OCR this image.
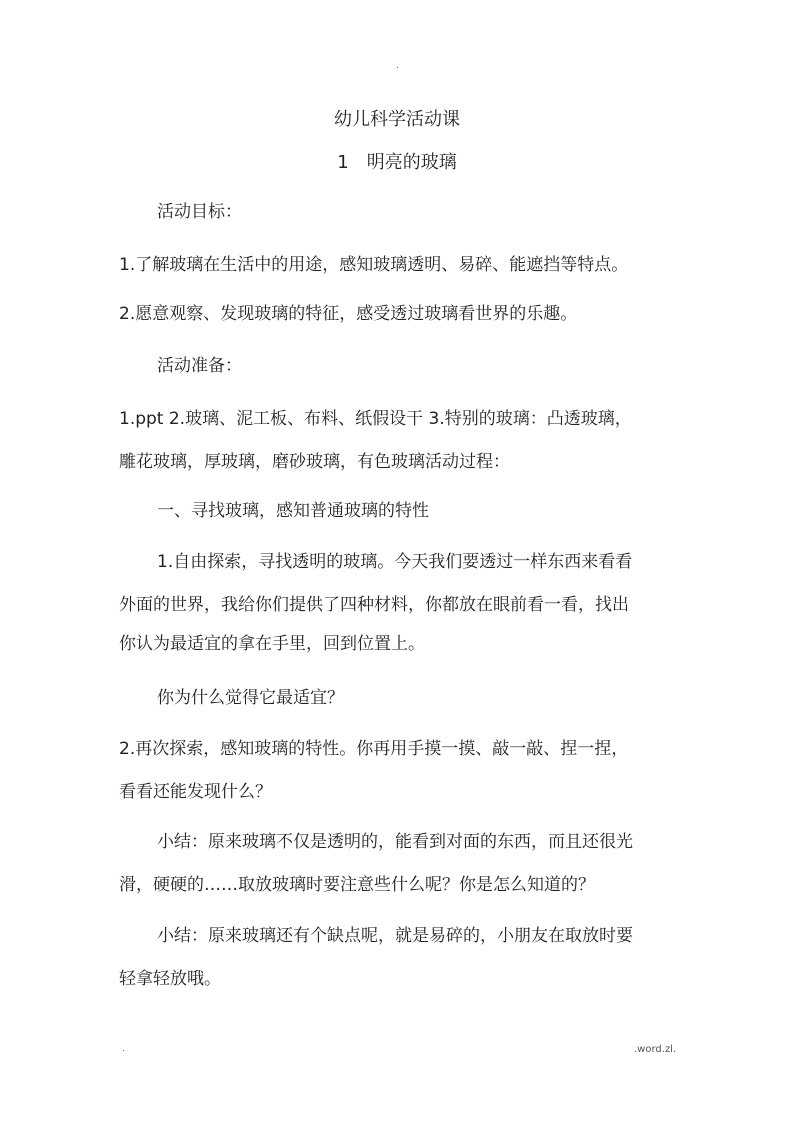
.
幼儿科学活动课
1 明亮的玻璃
活动目标：
1.了解玻璃在生活中的用途，感知玻璃透明、易碎、能遮挡等特点。
2.愿意观察、发现玻璃的特征，感受透过玻璃看世界的乐趣。
活动准备：
1.ppt 2.玻璃、泥工板、布料、纸假设干 3.特别的玻璃：凸透玻璃，
雕花玻璃，厚玻璃，磨砂玻璃，有色玻璃活动过程：
一、寻找玻璃，感知普通玻璃的特性
1.自由探索，寻找透明的玻璃。今天我们要透过一样东西来看看
外面的世界，我给你们提供了四种材料，你都放在眼前看一看，找出
你认为最适宜的拿在手里，回到位置上。
你为什么觉得它最适宜？
2.再次探索，感知玻璃的特性。你再用手摸一摸、敲一敲、捏一捏，
看看还能发现什么？
小结：原来玻璃不仅是透明的，能看到对面的东西，而且还很光
滑，硬硬的……取放玻璃时要注意些什么呢？你是怎么知道的？
小结：原来玻璃还有个缺点呢，就是易碎的，小朋友在取放时要
轻拿轻放哦。
.	.word.zl.
